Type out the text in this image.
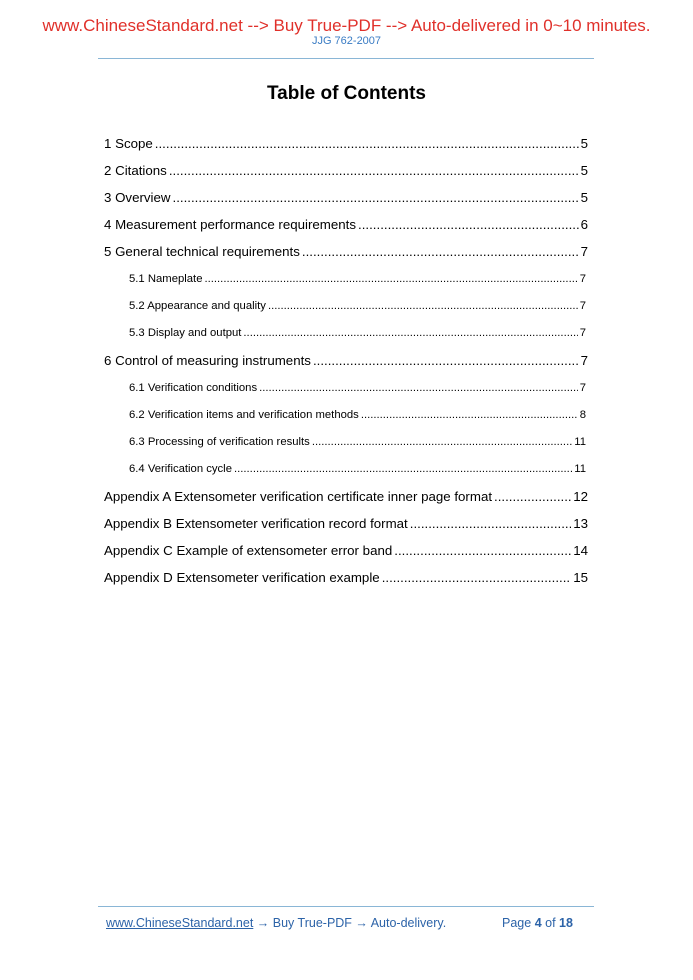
www.ChineseStandard.net --> Buy True-PDF --> Auto-delivered in 0~10 minutes.
JJG 762-2007
Table of Contents
1 Scope .....	5
2 Citations .....	5
3 Overview .....	5
4 Measurement performance requirements .....	6
5 General technical requirements .....	7
5.1 Nameplate .....	7
5.2 Appearance and quality .....	7
5.3 Display and output .....	7
6 Control of measuring instruments .....	7
6.1 Verification conditions .....	7
6.2 Verification items and verification methods .....	8
6.3 Processing of verification results .....	11
6.4 Verification cycle .....	11
Appendix A Extensometer verification certificate inner page format .....	12
Appendix B Extensometer verification record format .....	13
Appendix C Example of extensometer error band .....	14
Appendix D Extensometer verification example .....	15
www.ChineseStandard.net → Buy True-PDF → Auto-delivery.	Page 4 of 18
